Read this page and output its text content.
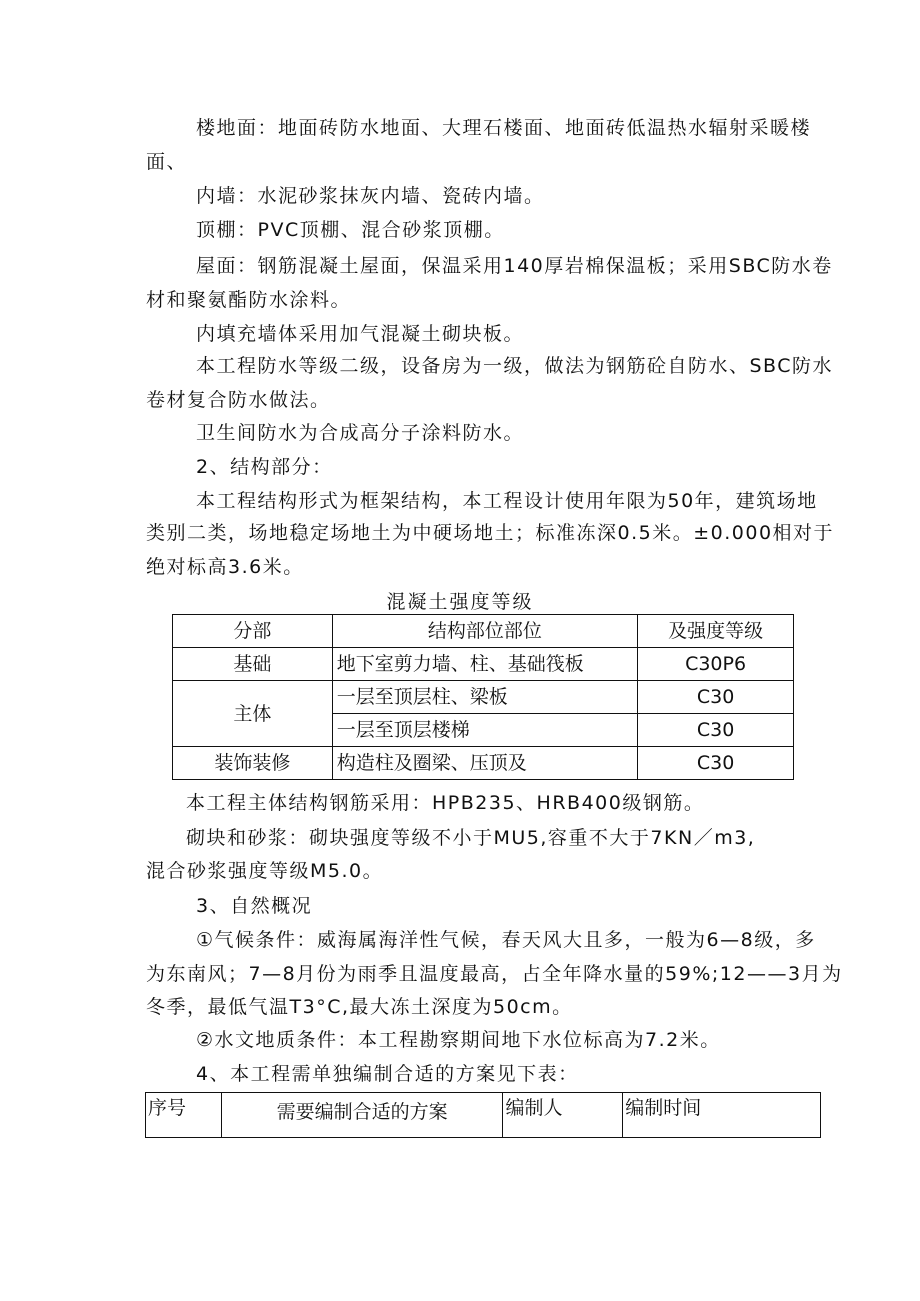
楼地面：地面砖防水地面、大理石楼面、地面砖低温热水辐射采暖楼
面、
内墙：水泥砂浆抹灰内墙、瓷砖内墙。
顶棚：PVC顶棚、混合砂浆顶棚。
屋面：钢筋混凝土屋面，保温采用140厚岩棉保温板；采用SBC防水卷
材和聚氨酯防水涂料。
内填充墙体采用加气混凝土砌块板。
本工程防水等级二级，设备房为一级，做法为钢筋砼自防水、SBC防水
卷材复合防水做法。
卫生间防水为合成高分子涂料防水。
2、结构部分：
本工程结构形式为框架结构，本工程设计使用年限为50年，建筑场地
类别二类，场地稳定场地土为中硬场地土；标准冻深0.5米。±0.000相对于
绝对标高3.6米。
混凝土强度等级
分部	结构部位部位	及强度等级
基础	地下室剪力墙、柱、基础筏板	C30P6
主体	一层至顶层柱、梁板	C30
	一层至顶层楼梯	C30
装饰装修	构造柱及圈梁、压顶及	C30
本工程主体结构钢筋采用：HPB235、HRB400级钢筋。
砌块和砂浆：砌块强度等级不小于MU5,容重不大于7KN／m3,
混合砂浆强度等级M5.0。
3、自然概况
①气候条件：威海属海洋性气候，春天风大且多，一般为6—8级，多
为东南风；7—8月份为雨季且温度最高，占全年降水量的59%;12——3月为
冬季，最低气温T3°C,最大冻土深度为50cm。
②水文地质条件：本工程勘察期间地下水位标高为7.2米。
4、本工程需单独编制合适的方案见下表：
序号	需要编制合适的方案	编制人	编制时间
